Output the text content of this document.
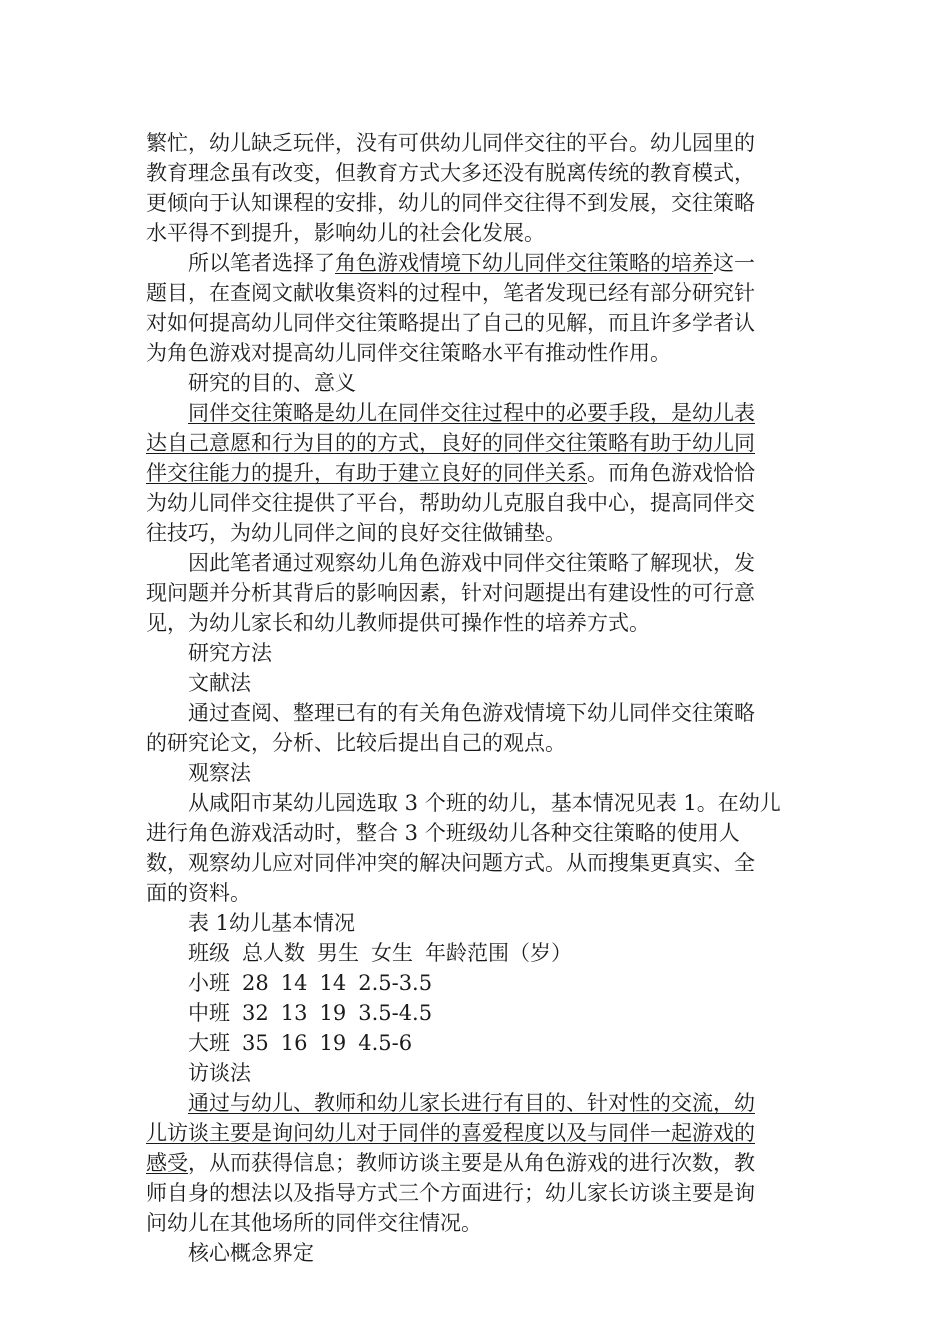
繁忙，幼儿缺乏玩伴，没有可供幼儿同伴交往的平台。幼儿园里的
教育理念虽有改变，但教育方式大多还没有脱离传统的教育模式，
更倾向于认知课程的安排，幼儿的同伴交往得不到发展，交往策略
水平得不到提升，影响幼儿的社会化发展。
所以笔者选择了角色游戏情境下幼儿同伴交往策略的培养这一
题目，在查阅文献收集资料的过程中，笔者发现已经有部分研究针
对如何提高幼儿同伴交往策略提出了自己的见解，而且许多学者认
为角色游戏对提高幼儿同伴交往策略水平有推动性作用。
研究的目的、意义
同伴交往策略是幼儿在同伴交往过程中的必要手段，是幼儿表
达自己意愿和行为目的的方式，良好的同伴交往策略有助于幼儿同
伴交往能力的提升，有助于建立良好的同伴关系。而角色游戏恰恰
为幼儿同伴交往提供了平台，帮助幼儿克服自我中心，提高同伴交
往技巧，为幼儿同伴之间的良好交往做铺垫。
因此笔者通过观察幼儿角色游戏中同伴交往策略了解现状，发
现问题并分析其背后的影响因素，针对问题提出有建设性的可行意
见，为幼儿家长和幼儿教师提供可操作性的培养方式。
研究方法
文献法
通过查阅、整理已有的有关角色游戏情境下幼儿同伴交往策略
的研究论文，分析、比较后提出自己的观点。
观察法
从咸阳市某幼儿园选取 3 个班的幼儿，基本情况见表 1。在幼儿
进行角色游戏活动时，整合 3 个班级幼儿各种交往策略的使用人
数，观察幼儿应对同伴冲突的解决问题方式。从而搜集更真实、全
面的资料。
表 1幼儿基本情况
班级 总人数 男生 女生 年龄范围（岁）
小班 28 14 14 2.5-3.5
中班 32 13 19 3.5-4.5
大班 35 16 19 4.5-6
访谈法
通过与幼儿、教师和幼儿家长进行有目的、针对性的交流，幼
儿访谈主要是询问幼儿对于同伴的喜爱程度以及与同伴一起游戏的
感受，从而获得信息；教师访谈主要是从角色游戏的进行次数，教
师自身的想法以及指导方式三个方面进行；幼儿家长访谈主要是询
问幼儿在其他场所的同伴交往情况。
核心概念界定
